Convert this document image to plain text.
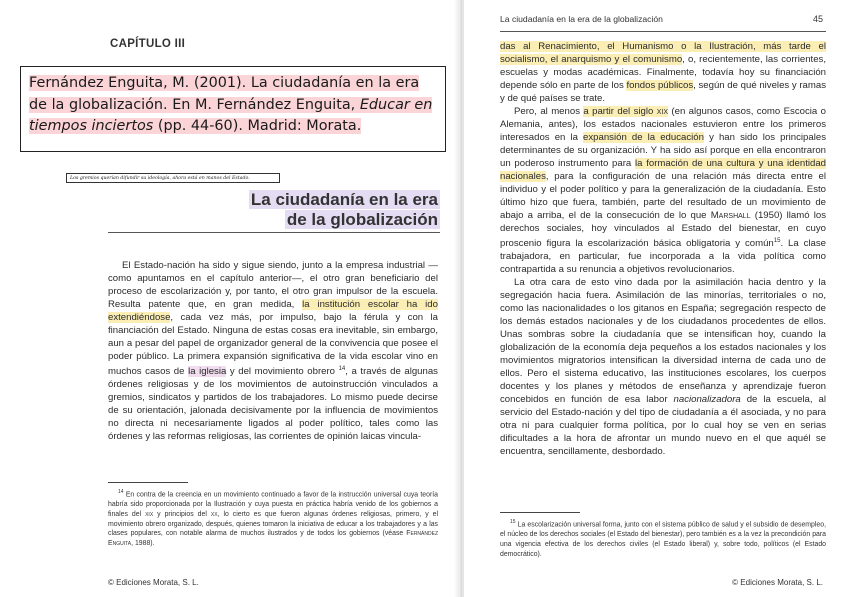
CAPÍTULO III
Fernández Enguita, M. (2001). La ciudadanía en la era de la globalización. En M. Fernández Enguita, Educar en tiempos inciertos (pp. 44-60). Madrid: Morata.
Los gremios querían difundir su ideología, ahora está en manos del Estado.
La ciudadanía en la era
de la globalización

El Estado-nación ha sido y sigue siendo, junto a la empresa industrial —como apuntamos en el capítulo anterior—, el otro gran beneficiario del proceso de escolarización y, por tanto, el otro gran impulsor de la escuela. Resulta patente que, en gran medida, la institución escolar ha ido extendiéndose, cada vez más, por impulso, bajo la férula y con la financiación del Estado. Ninguna de estas cosas era inevitable, sin embargo, aun a pesar del papel de organizador general de la convivencia que posee el poder público. La primera expansión significativa de la vida escolar vino en muchos casos de la iglesia y del movimiento obrero $^{14}$, a través de algunas órdenes religiosas y de los movimientos de autoinstrucción vinculados a gremios, sindicatos y partidos de los trabajadores. Lo mismo puede decirse de su orientación, jalonada decisivamente por la influencia de movimientos no directa ni necesariamente ligados al poder político, tales como las órdenes y las reformas religiosas, las corrientes de opinión laicas vincula-

$^{14}$ En contra de la creencia en un movimiento continuado a favor de la instrucción universal cuya teoría habría sido proporcionada por la Ilustración y cuya puesta en práctica habría venido de los gobiernos a finales del xix y principios del xx, lo cierto es que fueron algunas órdenes religiosas, primero, y el movimiento obrero organizado, después, quienes tomaron la iniciativa de educar a los trabajadores y a las clases populares, con notable alarma de muchos ilustrados y de todos los gobiernos (véase Fernández Enguita, 1988).

© Ediciones Morata, S. L.
La ciudadanía en la era de la globalización	45

das al Renacimiento, el Humanismo o la Ilustración, más tarde el socialismo, el anarquismo y el comunismo, o, recientemente, las corrientes, escuelas y modas académicas. Finalmente, todavía hoy su financiación depende sólo en parte de los fondos públicos, según de qué niveles y ramas y de qué países se trate.

Pero, al menos a partir del siglo xix (en algunos casos, como Escocia o Alemania, antes), los estados nacionales estuvieron entre los primeros interesados en la expansión de la educación y han sido los principales determinantes de su organización. Y ha sido así porque en ella encontraron un poderoso instrumento para la formación de una cultura y una identidad nacionales, para la configuración de una relación más directa entre el individuo y el poder político y para la generalización de la ciudadanía. Esto último hizo que fuera, también, parte del resultado de un movimiento de abajo a arriba, el de la consecución de lo que Marshall (1950) llamó los derechos sociales, hoy vinculados al Estado del bienestar, en cuyo proscenio figura la escolarización básica obligatoria y común$^{15}$. La clase trabajadora, en particular, fue incorporada a la vida política como contrapartida a su renuncia a objetivos revolucionarios.

La otra cara de esto vino dada por la asimilación hacia dentro y la segregación hacia fuera. Asimilación de las minorías, territoriales o no, como las nacionalidades o los gitanos en España; segregación respecto de los demás estados nacionales y de los ciudadanos procedentes de ellos. Unas sombras sobre la ciudadanía que se intensifican hoy, cuando la globalización de la economía deja pequeños a los estados nacionales y los movimientos migratorios intensifican la diversidad interna de cada uno de ellos. Pero el sistema educativo, las instituciones escolares, los cuerpos docentes y los planes y métodos de enseñanza y aprendizaje fueron concebidos en función de esa labor nacionalizadora de la escuela, al servicio del Estado-nación y del tipo de ciudadanía a él asociada, y no para otra ni para cualquier forma política, por lo cual hoy se ven en serias dificultades a la hora de afrontar un mundo nuevo en el que aquél se encuentra, sencillamente, desbordado.

$^{15}$ La escolarización universal forma, junto con el sistema público de salud y el subsidio de desempleo, el núcleo de los derechos sociales (el Estado del bienestar), pero también es a la vez la precondición para una vigencia efectiva de los derechos civiles (el Estado liberal) y, sobre todo, políticos (el Estado democrático).

© Ediciones Morata, S. L.
